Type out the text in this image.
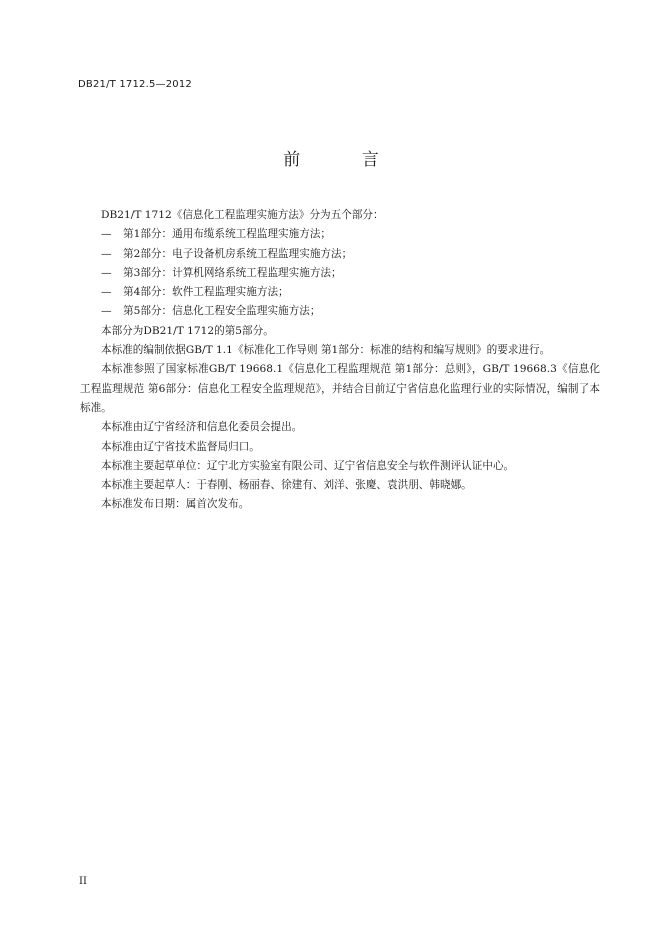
DB21/T 1712.5—2012
前 言
DB21/T 1712《信息化工程监理实施方法》分为五个部分：
— 第1部分：通用布缆系统工程监理实施方法；
— 第2部分：电子设备机房系统工程监理实施方法；
— 第3部分：计算机网络系统工程监理实施方法；
— 第4部分：软件工程监理实施方法；
— 第5部分：信息化工程安全监理实施方法；
本部分为DB21/T 1712的第5部分。
本标准的编制依据GB/T 1.1《标准化工作导则 第1部分：标准的结构和编写规则》的要求进行。
本标准参照了国家标准GB/T 19668.1《信息化工程监理规范 第1部分：总则》，GB/T 19668.3《信息化工程监理规范 第6部分：信息化工程安全监理规范》，并结合目前辽宁省信息化监理行业的实际情况，编制了本标准。
本标准由辽宁省经济和信息化委员会提出。
本标准由辽宁省技术监督局归口。
本标准主要起草单位：辽宁北方实验室有限公司、辽宁省信息安全与软件测评认证中心。
本标准主要起草人：于春刚、杨丽春、徐建有、刘洋、张慶、袁洪朋、韩晓娜。
本标准发布日期：属首次发布。
II
